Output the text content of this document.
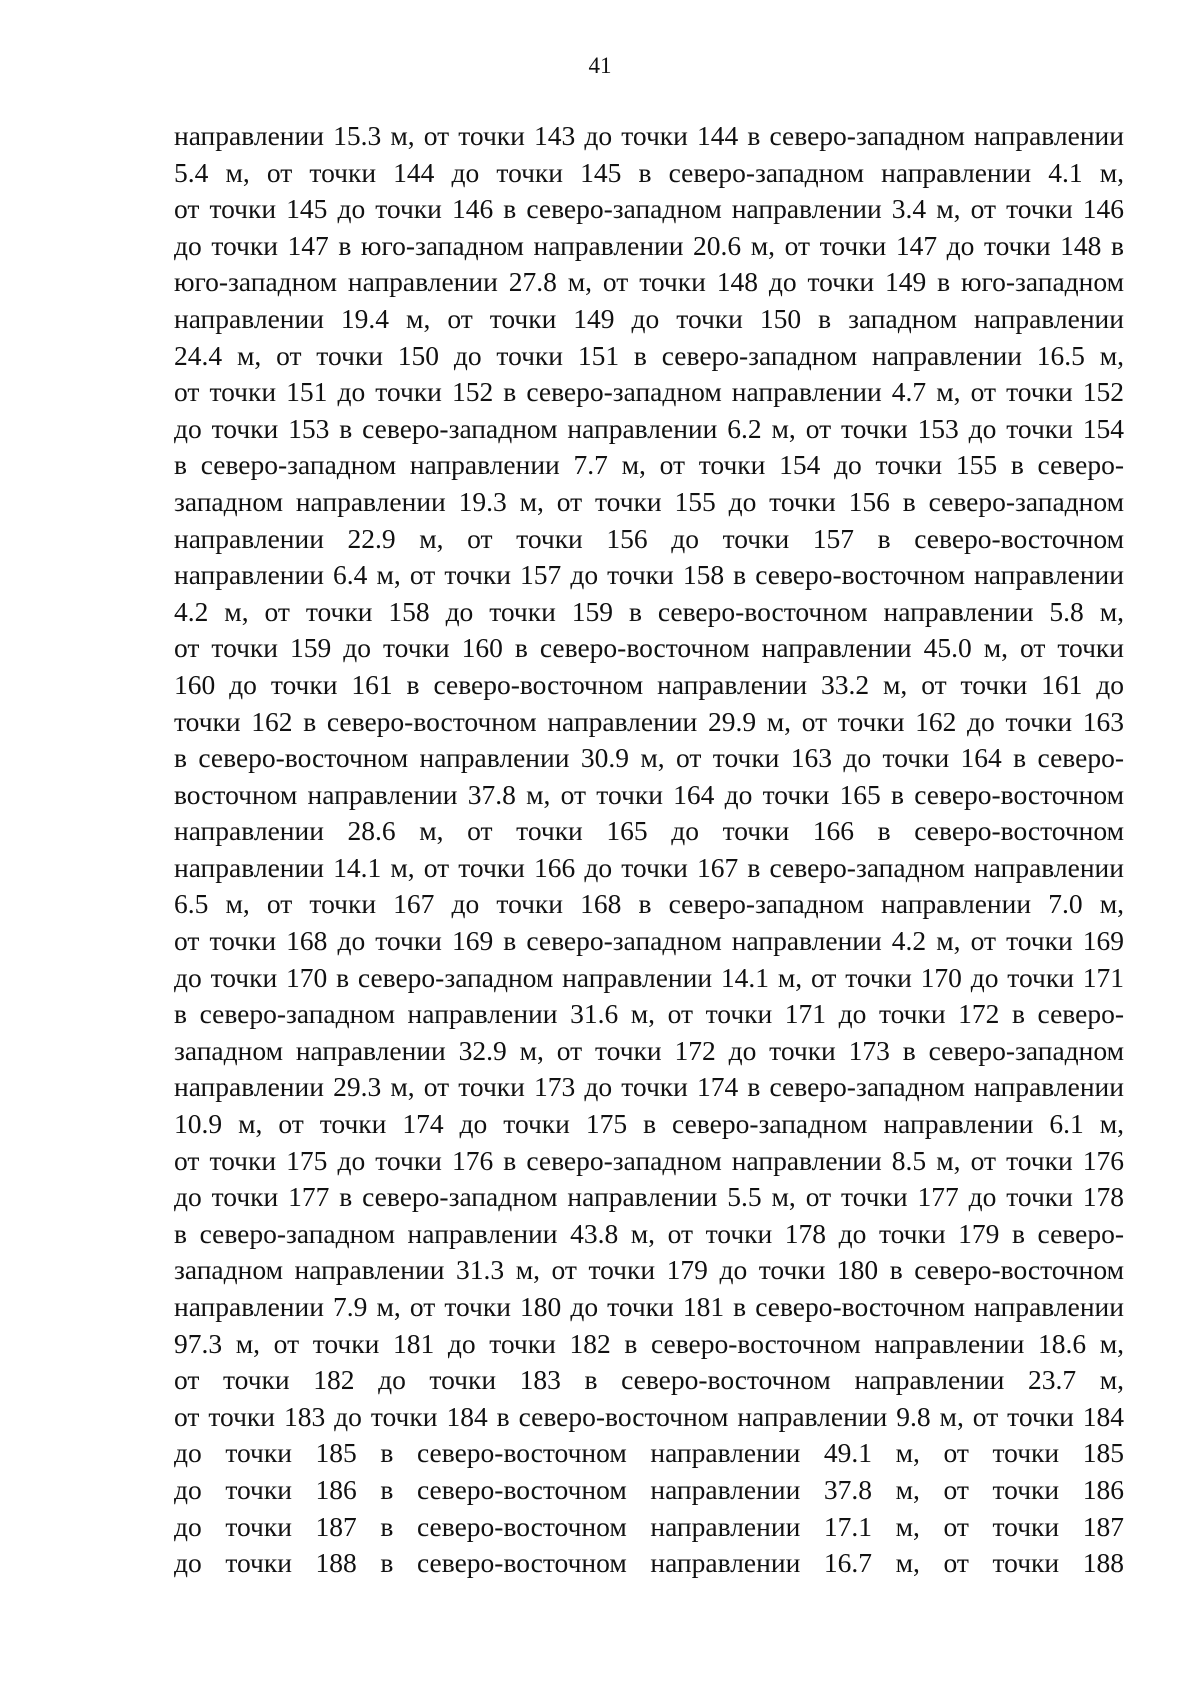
41
направлении 15.3 м, от точки 143 до точки 144 в северо-западном направлении
5.4 м, от точки 144 до точки 145 в северо-западном направлении 4.1 м,
от точки 145 до точки 146 в северо-западном направлении 3.4 м, от точки 146
до точки 147 в юго-западном направлении 20.6 м, от точки 147 до точки 148 в
юго-западном направлении 27.8 м, от точки 148 до точки 149 в юго-западном
направлении 19.4 м, от точки 149 до точки 150 в западном направлении
24.4 м, от точки 150 до точки 151 в северо-западном направлении 16.5 м,
от точки 151 до точки 152 в северо-западном направлении 4.7 м, от точки 152
до точки 153 в северо-западном направлении 6.2 м, от точки 153 до точки 154
в северо-западном направлении 7.7 м, от точки 154 до точки 155 в северо-
западном направлении 19.3 м, от точки 155 до точки 156 в северо-западном
направлении 22.9 м, от точки 156 до точки 157 в северо-восточном
направлении 6.4 м, от точки 157 до точки 158 в северо-восточном направлении
4.2 м, от точки 158 до точки 159 в северо-восточном направлении 5.8 м,
от точки 159 до точки 160 в северо-восточном направлении 45.0 м, от точки
160 до точки 161 в северо-восточном направлении 33.2 м, от точки 161 до
точки 162 в северо-восточном направлении 29.9 м, от точки 162 до точки 163
в северо-восточном направлении 30.9 м, от точки 163 до точки 164 в северо-
восточном направлении 37.8 м, от точки 164 до точки 165 в северо-восточном
направлении 28.6 м, от точки 165 до точки 166 в северо-восточном
направлении 14.1 м, от точки 166 до точки 167 в северо-западном направлении
6.5 м, от точки 167 до точки 168 в северо-западном направлении 7.0 м,
от точки 168 до точки 169 в северо-западном направлении 4.2 м, от точки 169
до точки 170 в северо-западном направлении 14.1 м, от точки 170 до точки 171
в северо-западном направлении 31.6 м, от точки 171 до точки 172 в северо-
западном направлении 32.9 м, от точки 172 до точки 173 в северо-западном
направлении 29.3 м, от точки 173 до точки 174 в северо-западном направлении
10.9 м, от точки 174 до точки 175 в северо-западном направлении 6.1 м,
от точки 175 до точки 176 в северо-западном направлении 8.5 м, от точки 176
до точки 177 в северо-западном направлении 5.5 м, от точки 177 до точки 178
в северо-западном направлении 43.8 м, от точки 178 до точки 179 в северо-
западном направлении 31.3 м, от точки 179 до точки 180 в северо-восточном
направлении 7.9 м, от точки 180 до точки 181 в северо-восточном направлении
97.3 м, от точки 181 до точки 182 в северо-восточном направлении 18.6 м,
от точки 182 до точки 183 в северо-восточном направлении 23.7 м,
от точки 183 до точки 184 в северо-восточном направлении 9.8 м, от точки 184
до точки 185 в северо-восточном направлении 49.1 м, от точки 185
до точки 186 в северо-восточном направлении 37.8 м, от точки 186
до точки 187 в северо-восточном направлении 17.1 м, от точки 187
до точки 188 в северо-восточном направлении 16.7 м, от точки 188
